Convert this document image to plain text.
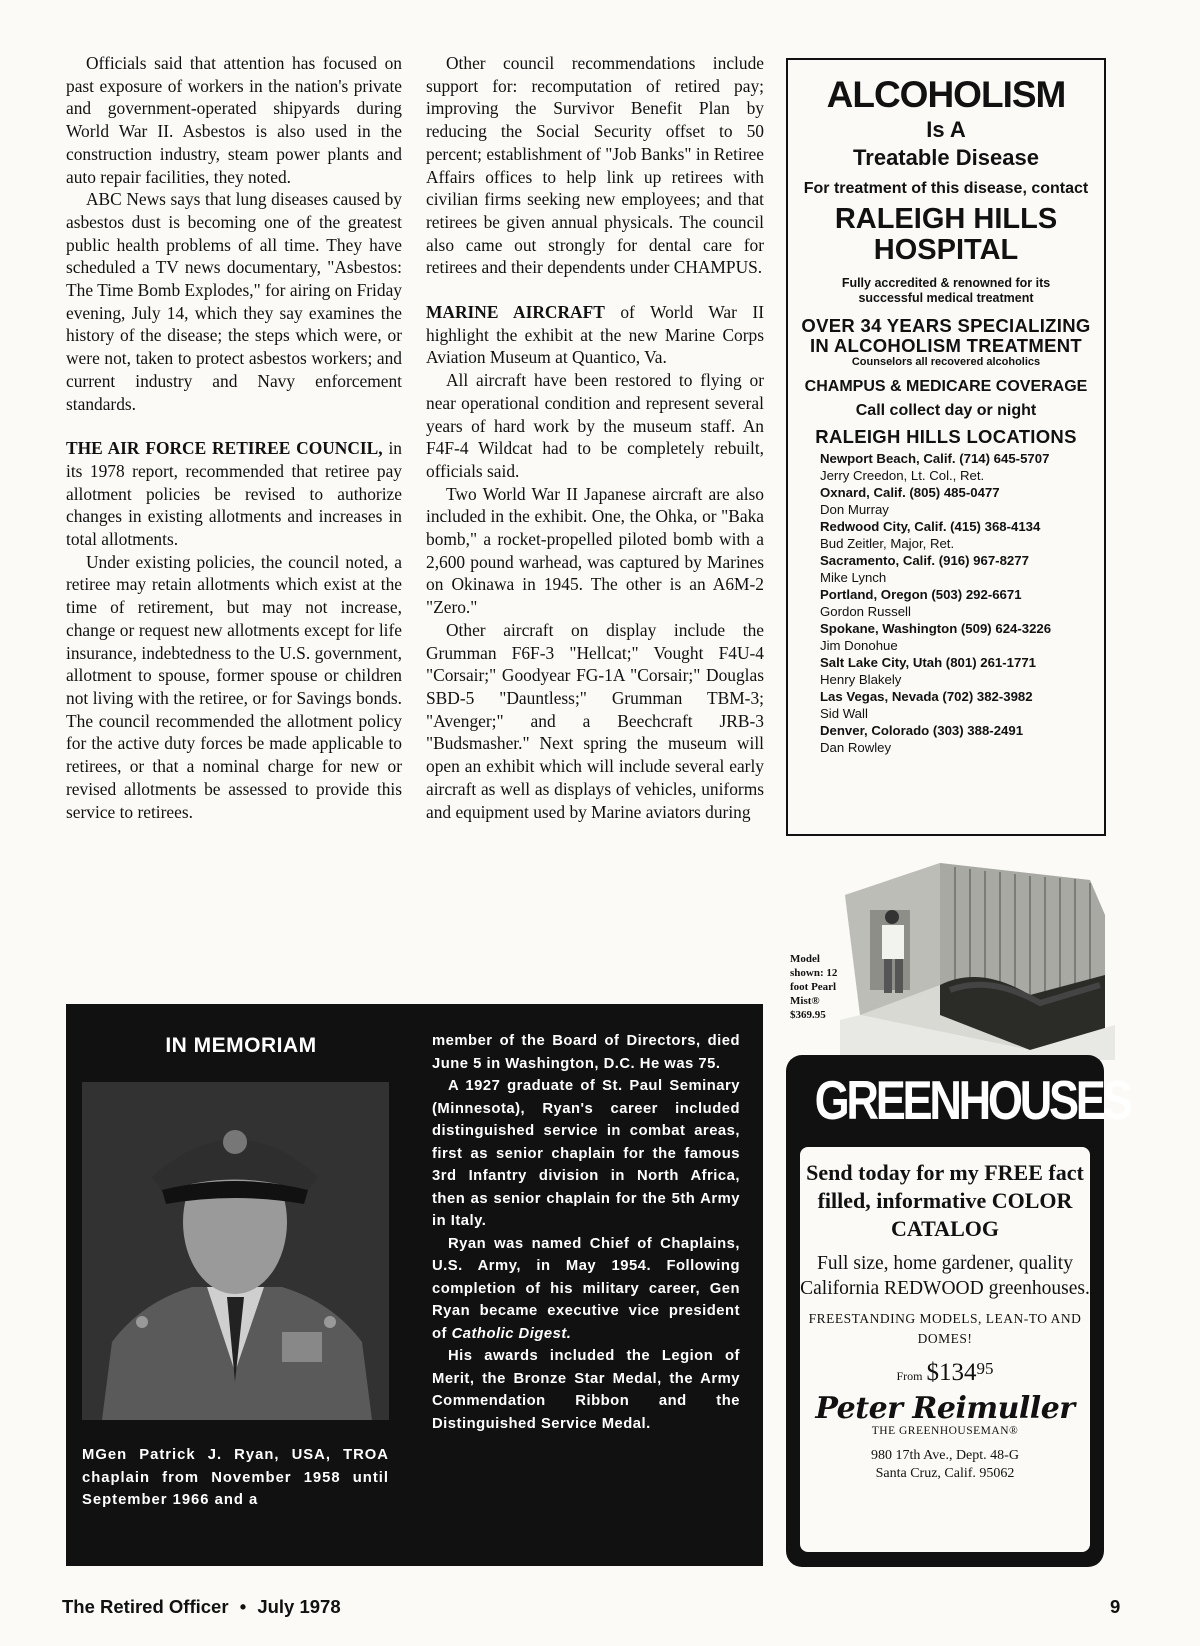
Officials said that attention has focused on past exposure of workers in the nation's private and government-operated shipyards during World War II. Asbestos is also used in the construction industry, steam power plants and auto repair facilities, they noted.

ABC News says that lung diseases caused by asbestos dust is becoming one of the greatest public health problems of all time. They have scheduled a TV news documentary, "Asbestos: The Time Bomb Explodes," for airing on Friday evening, July 14, which they say examines the history of the disease; the steps which were, or were not, taken to protect asbestos workers; and current industry and Navy enforcement standards.

THE AIR FORCE RETIREE COUNCIL, in its 1978 report, recommended that retiree pay allotment policies be revised to authorize changes in existing allotments and increases in total allotments.

Under existing policies, the council noted, a retiree may retain allotments which exist at the time of retirement, but may not increase, change or request new allotments except for life insurance, indebtedness to the U.S. government, allotment to spouse, former spouse or children not living with the retiree, or for Savings bonds. The council recommended the allotment policy for the active duty forces be made applicable to retirees, or that a nominal charge for new or revised allotments be assessed to provide this service to retirees.

Other council recommendations include support for: recomputation of retired pay; improving the Survivor Benefit Plan by reducing the Social Security offset to 50 percent; establishment of "Job Banks" in Retiree Affairs offices to help link up retirees with civilian firms seeking new employees; and that retirees be given annual physicals. The council also came out strongly for dental care for retirees and their dependents under CHAMPUS.

MARINE AIRCRAFT of World War II highlight the exhibit at the new Marine Corps Aviation Museum at Quantico, Va.

All aircraft have been restored to flying or near operational condition and represent several years of hard work by the museum staff. An F4F-4 Wildcat had to be completely rebuilt, officials said.

Two World War II Japanese aircraft are also included in the exhibit. One, the Ohka, or "Baka bomb," a rocket-propelled piloted bomb with a 2,600 pound warhead, was captured by Marines on Okinawa in 1945. The other is an A6M-2 "Zero."

Other aircraft on display include the Grumman F6F-3 "Hellcat;" Vought F4U-4 "Corsair;" Goodyear FG-1A "Corsair;" Douglas SBD-5 "Dauntless;" Grumman TBM-3; "Avenger;" and a Beechcraft JRB-3 "Budsmasher." Next spring the museum will open an exhibit which will include several early aircraft as well as displays of vehicles, uniforms and equipment used by Marine aviators during

ALCOHOLISM
Is A
Treatable Disease
For treatment of this disease, contact
RALEIGH HILLS
HOSPITAL
Fully accredited & renowned for its
successful medical treatment
OVER 34 YEARS SPECIALIZING
IN ALCOHOLISM TREATMENT
Counselors all recovered alcoholics
CHAMPUS & MEDICARE COVERAGE
Call collect day or night
RALEIGH HILLS LOCATIONS
Newport Beach, Calif. (714) 645-5707
Jerry Creedon, Lt. Col., Ret.
Oxnard, Calif. (805) 485-0477
Don Murray
Redwood City, Calif. (415) 368-4134
Bud Zeitler, Major, Ret.
Sacramento, Calif. (916) 967-8277
Mike Lynch
Portland, Oregon (503) 292-6671
Gordon Russell
Spokane, Washington (509) 624-3226
Jim Donohue
Salt Lake City, Utah (801) 261-1771
Henry Blakely
Las Vegas, Nevada (702) 382-3982
Sid Wall
Denver, Colorado (303) 388-2491
Dan Rowley
Model shown: 12 foot Pearl Mist® $369.95
GREENHOUSES
Send today for my FREE fact filled, informative COLOR CATALOG
Full size, home gardener, quality California REDWOOD greenhouses.
FREESTANDING MODELS, LEAN-TO AND DOMES!
From $13495
Peter Reimuller
THE GREENHOUSEMAN®
980 17th Ave., Dept. 48-G
Santa Cruz, Calif. 95062
IN MEMORIAM
MGen Patrick J. Ryan, USA, TROA chaplain from November 1958 until September 1966 and a

member of the Board of Directors, died June 5 in Washington, D.C. He was 75.

A 1927 graduate of St. Paul Seminary (Minnesota), Ryan's career included distinguished service in combat areas, first as senior chaplain for the famous 3rd Infantry division in North Africa, then as senior chaplain for the 5th Army in Italy.

Ryan was named Chief of Chaplains, U.S. Army, in May 1954. Following completion of his military career, Gen Ryan became executive vice president of Catholic Digest.

His awards included the Legion of Merit, the Bronze Star Medal, the Army Commendation Ribbon and the Distinguished Service Medal.

The Retired Officer • July 1978	9
